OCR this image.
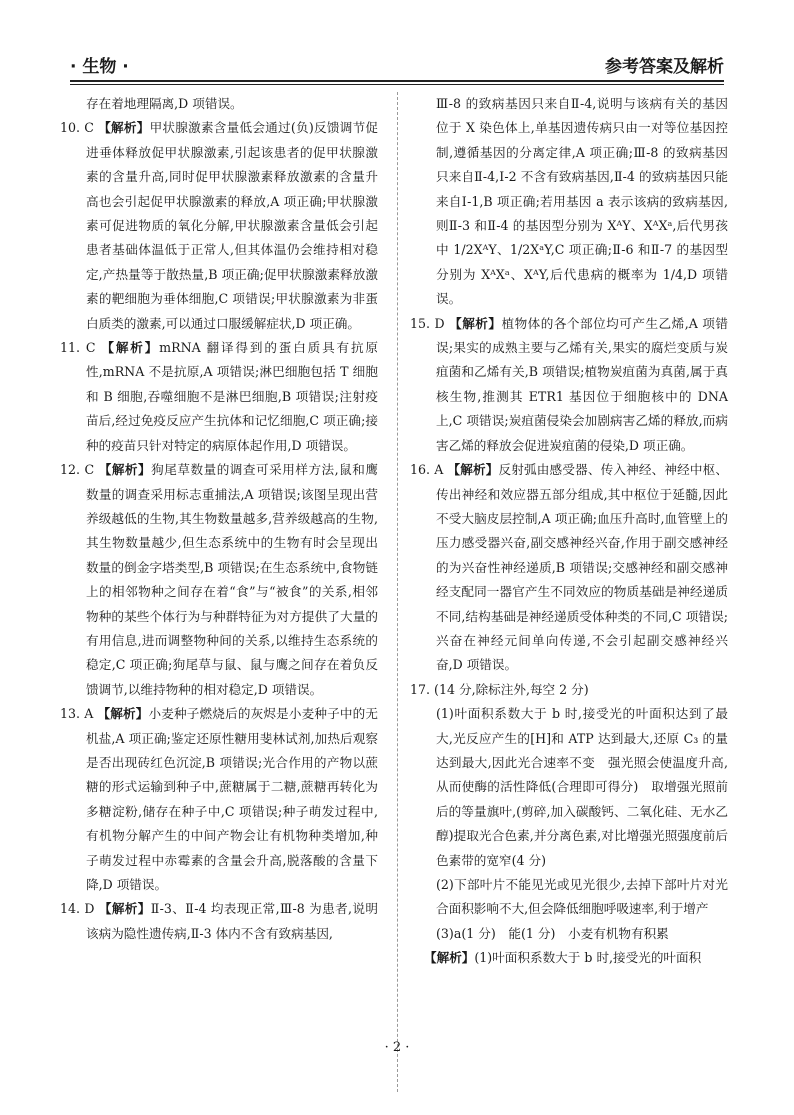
· 生物 ·	参考答案及解析
存在着地理隔离,D 项错误。
10. C 【解析】甲状腺激素含量低会通过(负)反馈调节促进垂体释放促甲状腺激素,引起该患者的促甲状腺激素的含量升高,同时促甲状腺激素释放激素的含量升高也会引起促甲状腺激素的释放,A 项正确;甲状腺激素可促进物质的氧化分解,甲状腺激素含量低会引起患者基础体温低于正常人,但其体温仍会维持相对稳定,产热量等于散热量,B 项正确;促甲状腺激素释放激素的靶细胞为垂体细胞,C 项错误;甲状腺激素为非蛋白质类的激素,可以通过口服缓解症状,D 项正确。
11. C 【解析】mRNA 翻译得到的蛋白质具有抗原性,mRNA 不是抗原,A 项错误;淋巴细胞包括 T 细胞和 B 细胞,吞噬细胞不是淋巴细胞,B 项错误;注射疫苗后,经过免疫反应产生抗体和记忆细胞,C 项正确;接种的疫苗只针对特定的病原体起作用,D 项错误。
12. C 【解析】狗尾草数量的调查可采用样方法,鼠和鹰数量的调查采用标志重捕法,A 项错误;该图呈现出营养级越低的生物,其生物数量越多,营养级越高的生物,其生物数量越少,但生态系统中的生物有时会呈现出数量的倒金字塔类型,B 项错误;在生态系统中,食物链上的相邻物种之间存在着“食”与“被食”的关系,相邻物种的某些个体行为与种群特征为对方提供了大量的有用信息,进而调整物种间的关系,以维持生态系统的稳定,C 项正确;狗尾草与鼠、鼠与鹰之间存在着负反馈调节,以维持物种的相对稳定,D 项错误。
13. A 【解析】小麦种子燃烧后的灰烬是小麦种子中的无机盐,A 项正确;鉴定还原性糖用斐林试剂,加热后观察是否出现砖红色沉淀,B 项错误;光合作用的产物以蔗糖的形式运输到种子中,蔗糖属于二糖,蔗糖再转化为多糖淀粉,储存在种子中,C 项错误;种子萌发过程中,有机物分解产生的中间产物会让有机物种类增加,种子萌发过程中赤霉素的含量会升高,脱落酸的含量下降,D 项错误。
14. D 【解析】Ⅱ-3、Ⅱ-4 均表现正常,Ⅲ-8 为患者,说明该病为隐性遗传病,Ⅱ-3 体内不含有致病基因,
Ⅲ-8 的致病基因只来自Ⅱ-4,说明与该病有关的基因位于 X 染色体上,单基因遗传病只由一对等位基因控制,遵循基因的分离定律,A 项正确;Ⅲ-8 的致病基因只来自Ⅱ-4,Ⅰ-2 不含有致病基因,Ⅱ-4 的致病基因只能来自Ⅰ-1,B 项正确;若用基因 a 表示该病的致病基因,则Ⅱ-3 和Ⅱ-4 的基因型分别为 XᴬY、XᴬXᵃ,后代男孩中 1/2XᴬY、1/2XᵃY,C 项正确;Ⅱ-6 和Ⅱ-7 的基因型分别为 XᴬXᵃ、XᴬY,后代患病的概率为 1/4,D 项错误。
15. D 【解析】植物体的各个部位均可产生乙烯,A 项错误;果实的成熟主要与乙烯有关,果实的腐烂变质与炭疽菌和乙烯有关,B 项错误;植物炭疽菌为真菌,属于真核生物,推测其 ETR1 基因位于细胞核中的 DNA 上,C 项错误;炭疽菌侵染会加剧病害乙烯的释放,而病害乙烯的释放会促进炭疽菌的侵染,D 项正确。
16. A 【解析】反射弧由感受器、传入神经、神经中枢、传出神经和效应器五部分组成,其中枢位于延髓,因此不受大脑皮层控制,A 项正确;血压升高时,血管壁上的压力感受器兴奋,副交感神经兴奋,作用于副交感神经的为兴奋性神经递质,B 项错误;交感神经和副交感神经支配同一器官产生不同效应的物质基础是神经递质不同,结构基础是神经递质受体种类的不同,C 项错误;兴奋在神经元间单向传递,不会引起副交感神经兴奋,D 项错误。
17. (14 分,除标注外,每空 2 分)
(1)叶面积系数大于 b 时,接受光的叶面积达到了最大,光反应产生的[H]和 ATP 达到最大,还原 C₃ 的量达到最大,因此光合速率不变　强光照会使温度升高,从而使酶的活性降低(合理即可得分)　取增强光照前后的等量旗叶,(剪碎,加入碳酸钙、二氧化硅、无水乙醇)提取光合色素,并分离色素,对比增强光照强度前后色素带的宽窄(4 分)
(2)下部叶片不能见光或见光很少,去掉下部叶片对光合面积影响不大,但会降低细胞呼吸速率,利于增产
(3)a(1 分)　能(1 分)　小麦有机物有积累
【解析】(1)叶面积系数大于 b 时,接受光的叶面积
· 2 ·
